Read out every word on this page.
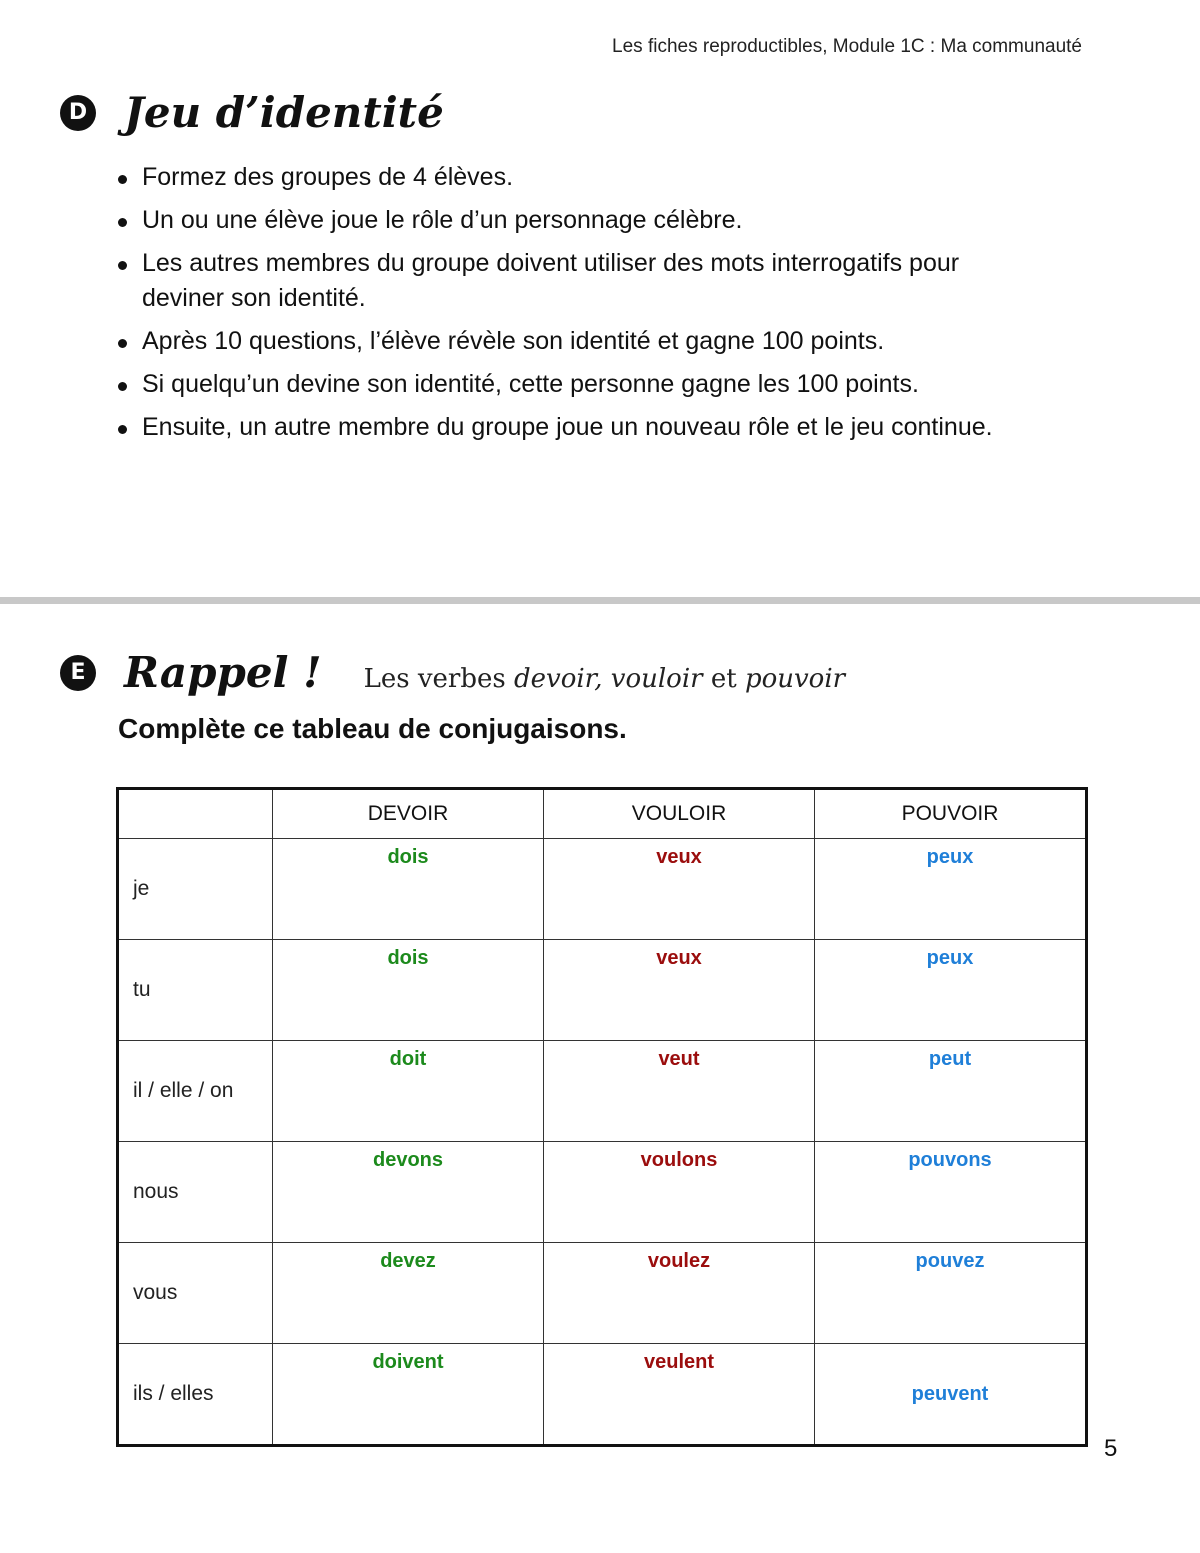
Les fiches reproductibles, Module 1C : Ma communauté
D Jeu d’identité
Formez des groupes de 4 élèves.
Un ou une élève joue le rôle d’un personnage célèbre.
Les autres membres du groupe doivent utiliser des mots interrogatifs pour deviner son identité.
Après 10 questions, l’élève révèle son identité et gagne 100 points.
Si quelqu’un devine son identité, cette personne gagne les 100 points.
Ensuite, un autre membre du groupe joue un nouveau rôle et le jeu continue.
E Rappel ! Les verbes devoir, vouloir et pouvoir
Complète ce tableau de conjugaisons.
	DEVOIR	VOULOIR	POUVOIR
je	dois	veux	peux

tu	dois	veux	peux

il / elle / on	doit	veut	peut

nous	devons	voulons	pouvons

vous	devez	voulez	pouvez

ils / elles	doivent	veulent	peuvent
5
